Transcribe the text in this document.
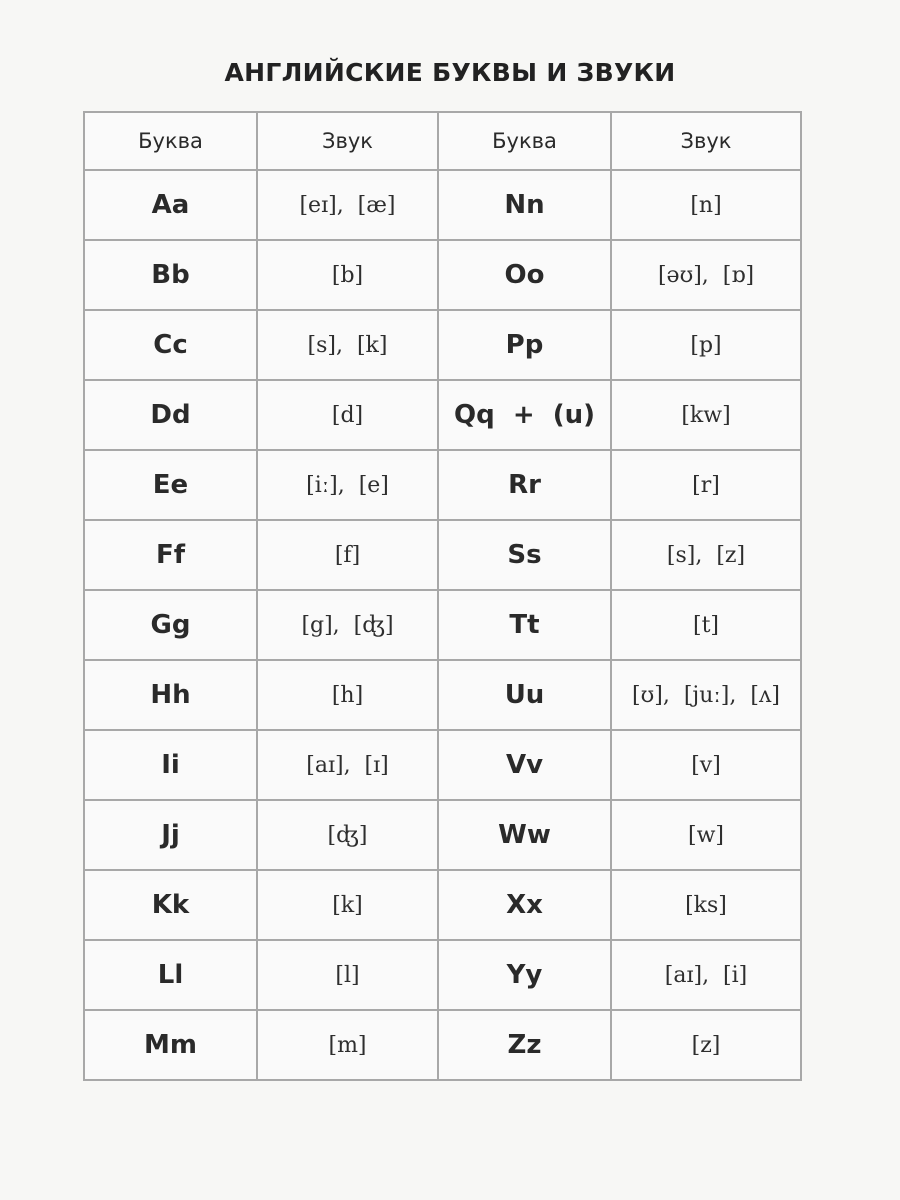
АНГЛИЙСКИЕ БУКВЫ И ЗВУКИ
Буква	Звук	Буква	Звук
Aa	[eɪ],  [æ]	Nn	[n]
Bb	[b]	Oo	[əʊ],  [ɒ]
Cc	[s],  [k]	Pp	[p]
Dd	[d]	Qq  +  (u)	[kw]
Ee	[iː],  [e]	Rr	[r]
Ff	[f]	Ss	[s],  [z]
Gg	[g],  [ʤ]	Tt	[t]
Hh	[h]	Uu	[ʊ],  [juː],  [ʌ]
Ii	[aɪ],  [ɪ]	Vv	[v]
Jj	[ʤ]	Ww	[w]
Kk	[k]	Xx	[ks]
Ll	[l]	Yy	[aɪ],  [i]
Mm	[m]	Zz	[z]
